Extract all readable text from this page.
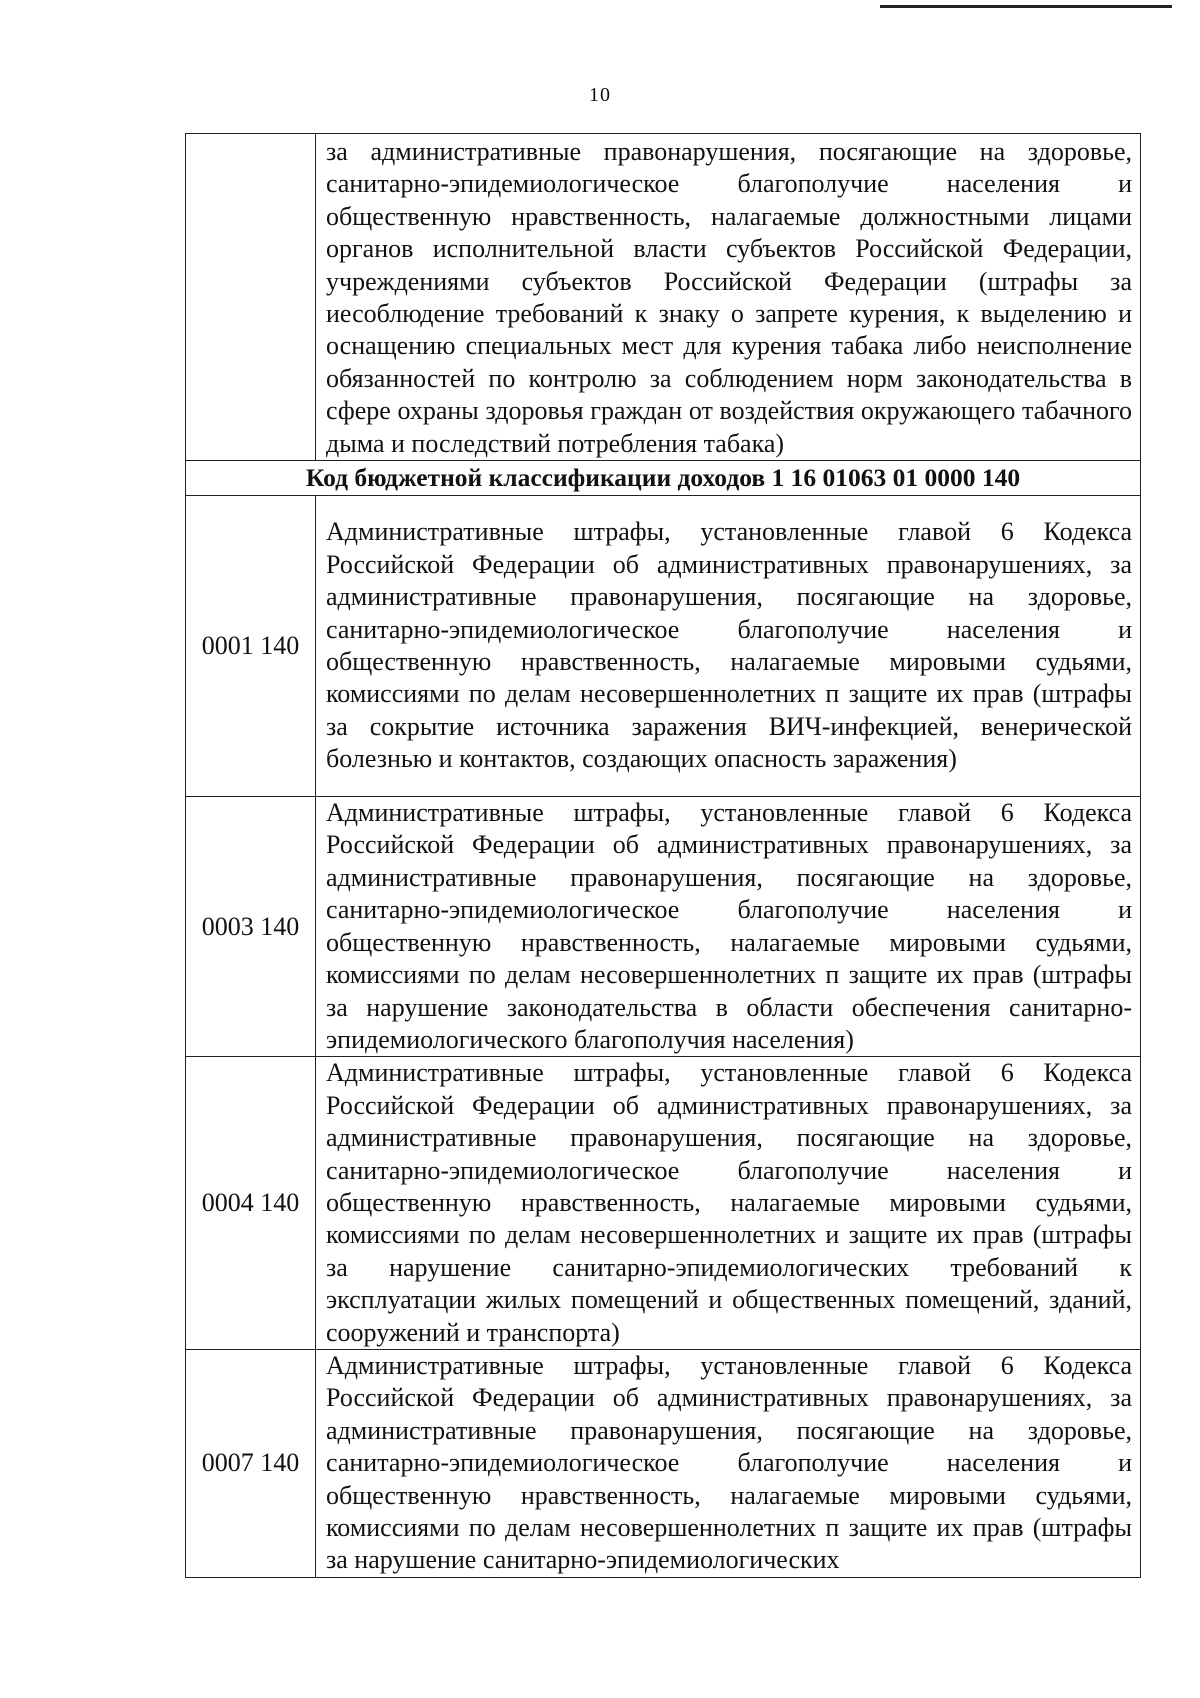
10
	за административные правонарушения, посягающие на здоровье, санитарно-эпидемиологическое благополучие населения и общественную нравственность, налагаемые должностными лицами органов исполнительной власти субъектов Российской Федерации, учреждениями субъектов Российской Федерации (штрафы за иесоблюдение требований к знаку о запрете курения, к выделению и оснащению специальных мест для курения табака либо неисполнение обязанностей по контролю за соблюдением норм законодательства в сфере охраны здоровья граждан от воздействия окружающего табачного дыма и последствий потребления табака)
Код бюджетной классификации доходов 1 16 01063 01 0000 140	
0001 140	Административные штрафы, установленные главой 6 Кодекса Российской Федерации об административных правонарушениях, за административные правонарушения, посягающие на здоровье, санитарно-эпидемиологическое благополучие населения и общественную нравственность, налагаемые мировыми судьями, комиссиями по делам несовершеннолетних п защите их прав (штрафы за сокрытие источника заражения ВИЧ-инфекцией, венерической болезнью и контактов, создающих опасность заражения)
0003 140	Административные штрафы, установленные главой 6 Кодекса Российской Федерации об административных правонарушениях, за административные правонарушения, посягающие на здоровье, санитарно-эпидемиологическое благополучие населения и общественную нравственность, налагаемые мировыми судьями, комиссиями по делам несовершеннолетних п защите их прав (штрафы за нарушение законодательства в области обеспечения санитарно-эпидемиологического благополучия населения)
0004 140	Административные штрафы, установленные главой 6 Кодекса Российской Федерации об административных правонарушениях, за административные правонарушения, посягающие на здоровье, санитарно-эпидемиологическое благополучие населения и общественную нравственность, налагаемые мировыми судьями, комиссиями по делам несовершеннолетних и защите их прав (штрафы за нарушение санитарно-эпидемиологических требований к эксплуатации жилых помещений и общественных помещений, зданий, сооружений и транспорта)
0007 140	Административные штрафы, установленные главой 6 Кодекса Российской Федерации об административных правонарушениях, за административные правонарушения, посягающие на здоровье, санитарно-эпидемиологическое благополучие населения и общественную нравственность, налагаемые мировыми судьями, комиссиями по делам несовершеннолетних п защите их прав (штрафы за нарушение санитарно-эпидемиологических
